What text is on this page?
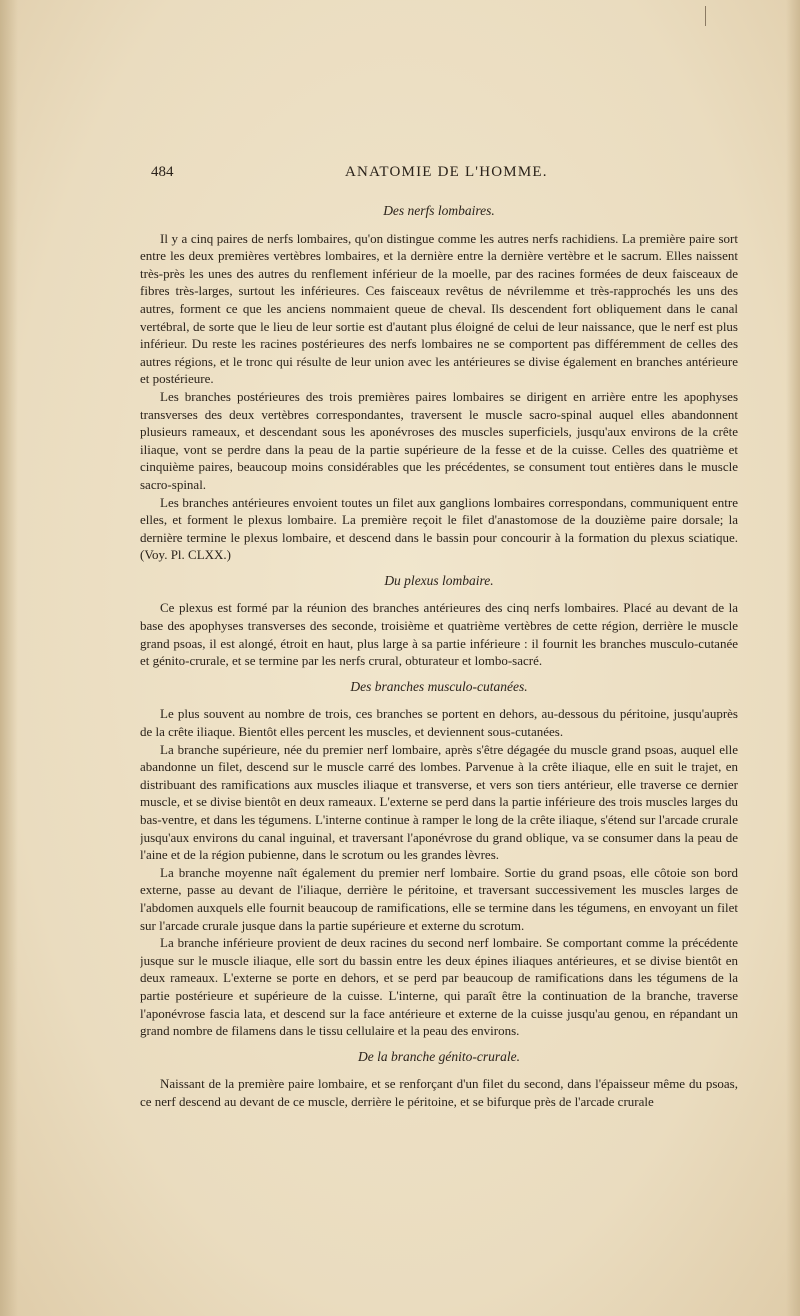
484	ANATOMIE DE L'HOMME.
Des nerfs lombaires.

Il y a cinq paires de nerfs lombaires, qu'on distingue comme les autres nerfs rachidiens. La première paire sort entre les deux premières vertèbres lombaires, et la dernière entre la dernière vertèbre et le sacrum. Elles naissent très-près les unes des autres du renflement inférieur de la moelle, par des racines formées de deux faisceaux de fibres très-larges, surtout les inférieures. Ces faisceaux revêtus de névrilemme et très-rapprochés les uns des autres, forment ce que les anciens nommaient queue de cheval. Ils descendent fort obliquement dans le canal vertébral, de sorte que le lieu de leur sortie est d'autant plus éloigné de celui de leur naissance, que le nerf est plus inférieur. Du reste les racines postérieures des nerfs lombaires ne se comportent pas différemment de celles des autres régions, et le tronc qui résulte de leur union avec les antérieures se divise également en branches antérieure et postérieure.

Les branches postérieures des trois premières paires lombaires se dirigent en arrière entre les apophyses transverses des deux vertèbres correspondantes, traversent le muscle sacro-spinal auquel elles abandonnent plusieurs rameaux, et descendant sous les aponévroses des muscles superficiels, jusqu'aux environs de la crête iliaque, vont se perdre dans la peau de la partie supérieure de la fesse et de la cuisse. Celles des quatrième et cinquième paires, beaucoup moins considérables que les précédentes, se consument tout entières dans le muscle sacro-spinal.

Les branches antérieures envoient toutes un filet aux ganglions lombaires correspondans, communiquent entre elles, et forment le plexus lombaire. La première reçoit le filet d'anastomose de la douzième paire dorsale; la dernière termine le plexus lombaire, et descend dans le bassin pour concourir à la formation du plexus sciatique. (Voy. Pl. CLXX.)

Du plexus lombaire.

Ce plexus est formé par la réunion des branches antérieures des cinq nerfs lombaires. Placé au devant de la base des apophyses transverses des seconde, troisième et quatrième vertèbres de cette région, derrière le muscle grand psoas, il est alongé, étroit en haut, plus large à sa partie inférieure : il fournit les branches musculo-cutanée et génito-crurale, et se termine par les nerfs crural, obturateur et lombo-sacré.

Des branches musculo-cutanées.

Le plus souvent au nombre de trois, ces branches se portent en dehors, au-dessous du péritoine, jusqu'auprès de la crête iliaque. Bientôt elles percent les muscles, et deviennent sous-cutanées.

La branche supérieure, née du premier nerf lombaire, après s'être dégagée du muscle grand psoas, auquel elle abandonne un filet, descend sur le muscle carré des lombes. Parvenue à la crête iliaque, elle en suit le trajet, en distribuant des ramifications aux muscles iliaque et transverse, et vers son tiers antérieur, elle traverse ce dernier muscle, et se divise bientôt en deux rameaux. L'externe se perd dans la partie inférieure des trois muscles larges du bas-ventre, et dans les tégumens. L'interne continue à ramper le long de la crête iliaque, s'étend sur l'arcade crurale jusqu'aux environs du canal inguinal, et traversant l'aponévrose du grand oblique, va se consumer dans la peau de l'aine et de la région pubienne, dans le scrotum ou les grandes lèvres.

La branche moyenne naît également du premier nerf lombaire. Sortie du grand psoas, elle côtoie son bord externe, passe au devant de l'iliaque, derrière le péritoine, et traversant successivement les muscles larges de l'abdomen auxquels elle fournit beaucoup de ramifications, elle se termine dans les tégumens, en envoyant un filet sur l'arcade crurale jusque dans la partie supérieure et externe du scrotum.

La branche inférieure provient de deux racines du second nerf lombaire. Se comportant comme la précédente jusque sur le muscle iliaque, elle sort du bassin entre les deux épines iliaques antérieures, et se divise bientôt en deux rameaux. L'externe se porte en dehors, et se perd par beaucoup de ramifications dans les tégumens de la partie postérieure et supérieure de la cuisse. L'interne, qui paraît être la continuation de la branche, traverse l'aponévrose fascia lata, et descend sur la face antérieure et externe de la cuisse jusqu'au genou, en répandant un grand nombre de filamens dans le tissu cellulaire et la peau des environs.

De la branche génito-crurale.

Naissant de la première paire lombaire, et se renforçant d'un filet du second, dans l'épaisseur même du psoas, ce nerf descend au devant de ce muscle, derrière le péritoine, et se bifurque près de l'arcade crurale
